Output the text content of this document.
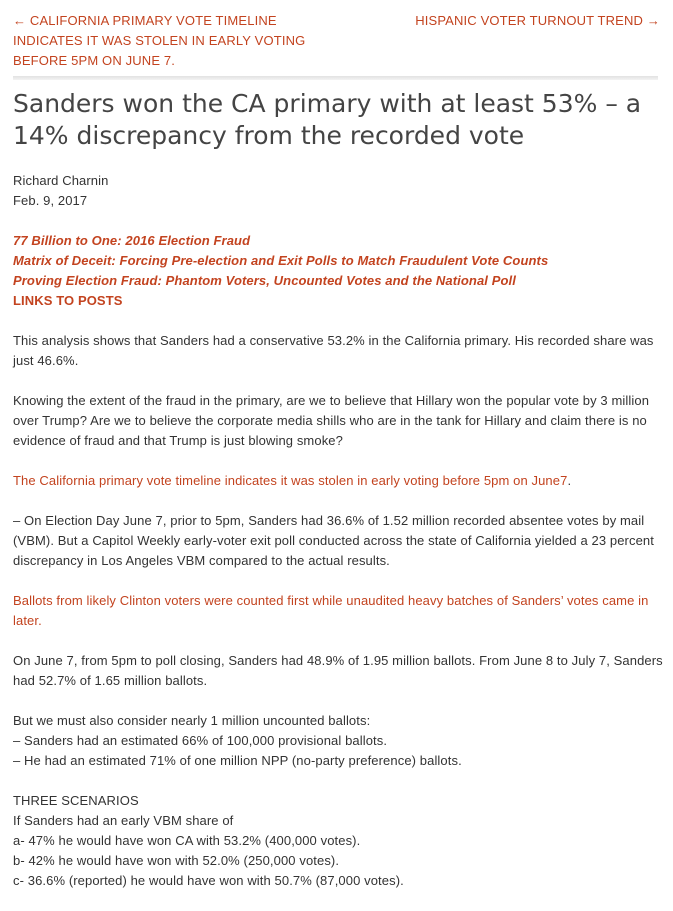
← CALIFORNIA PRIMARY VOTE TIMELINE INDICATES IT WAS STOLEN IN EARLY VOTING BEFORE 5PM ON JUNE 7.
HISPANIC VOTER TURNOUT TREND →
Sanders won the CA primary with at least 53% – a 14% discrepancy from the recorded vote

Richard Charnin
Feb. 9, 2017

77 Billion to One: 2016 Election Fraud
Matrix of Deceit: Forcing Pre-election and Exit Polls to Match Fraudulent Vote Counts
Proving Election Fraud: Phantom Voters, Uncounted Votes and the National Poll
LINKS TO POSTS

This analysis shows that Sanders had a conservative 53.2% in the California primary. His recorded share was just 46.6%.

Knowing the extent of the fraud in the primary, are we to believe that Hillary won the popular vote by 3 million over Trump? Are we to believe the corporate media shills who are in the tank for Hillary and claim there is no evidence of fraud and that Trump is just blowing smoke?

The California primary vote timeline indicates it was stolen in early voting before 5pm on June7.

– On Election Day June 7, prior to 5pm, Sanders had 36.6% of 1.52 million recorded absentee votes by mail (VBM). But a Capitol Weekly early-voter exit poll conducted across the state of California yielded a 23 percent discrepancy in Los Angeles VBM compared to the actual results.

Ballots from likely Clinton voters were counted first while unaudited heavy batches of Sanders’ votes came in later.

On June 7, from 5pm to poll closing, Sanders had 48.9% of 1.95 million ballots. From June 8 to July 7, Sanders had 52.7% of 1.65 million ballots.

But we must also consider nearly 1 million uncounted ballots:
– Sanders had an estimated 66% of 100,000 provisional ballots.
– He had an estimated 71% of one million NPP (no-party preference) ballots.

THREE SCENARIOS
If Sanders had an early VBM share of
a- 47% he would have won CA with 53.2% (400,000 votes).
b- 42% he would have won with 52.0% (250,000 votes).
c- 36.6% (reported) he would have won with 50.7% (87,000 votes).
